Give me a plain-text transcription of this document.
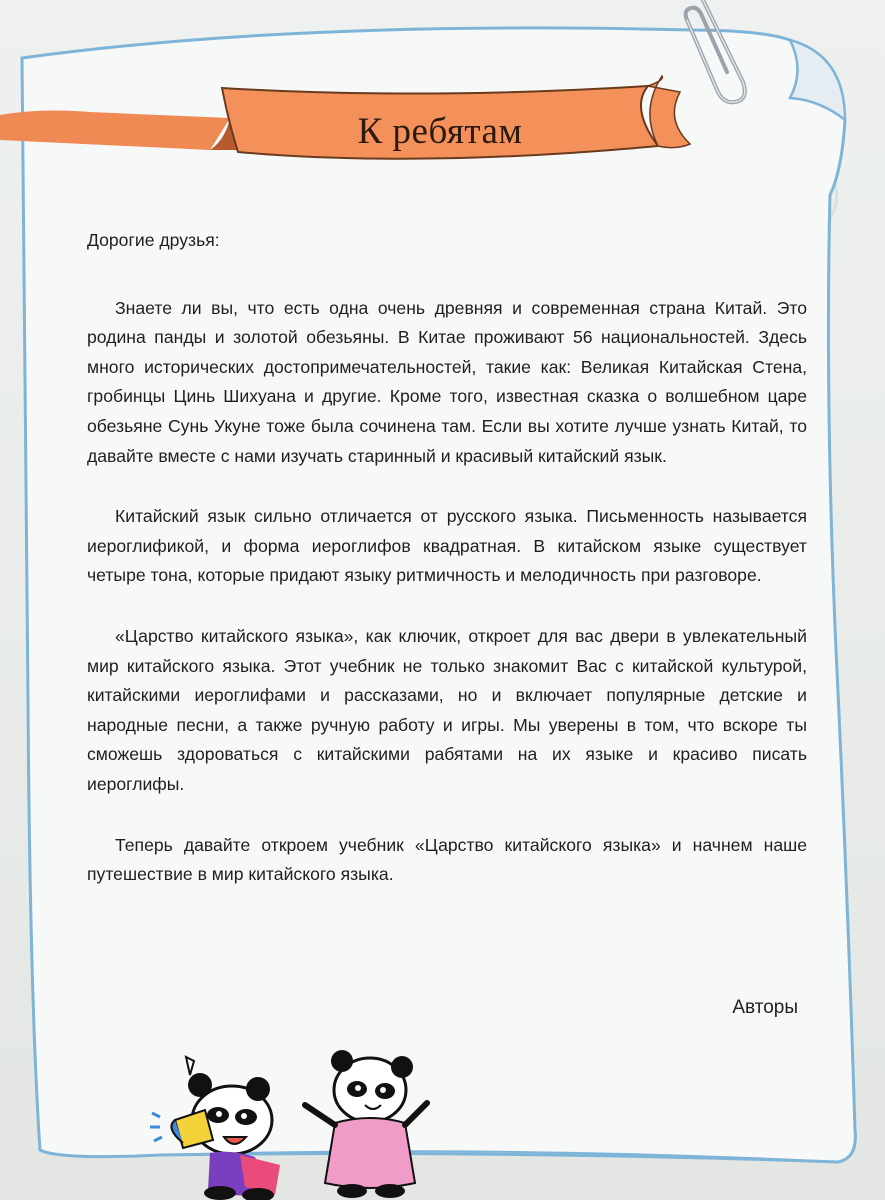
К ребятам

Дорогие друзья:

Знаете ли вы, что есть одна очень древняя и современная страна Китай. Это родина панды и золотой обезьяны. В Китае проживают 56 национальностей. Здесь много исторических достопримечательностей, такие как: Великая Китайская Стена, гробинцы Цинь Шихуана и другие. Кроме того, известная сказка о волшебном царе обезьяне Сунь Укуне тоже была сочинена там. Если вы хотите лучше узнать Китай, то давайте вместе с нами изучать старинный и красивый китайский язык.

Китайский язык сильно отличается от русского языка. Письменность называется иероглификой, и форма иероглифов квадратная. В китайском языке существует четыре тона, которые придают языку ритмичность и мелодичность при разговоре.

«Царство китайского языка», как ключик, откроет для вас двери в увлекательный мир китайского языка. Этот учебник не только знакомит Вас с китайской культурой, китайскими иероглифами и рассказами, но и включает популярные детские и народные песни, а также ручную работу и игры. Мы уверены в том, что вскоре ты сможешь здороваться с китайскими рабятами на их языке и красиво писать иероглифы.

Теперь давайте откроем учебник «Царство китайского языка» и начнем наше путешествие в мир китайского языка.

Авторы
